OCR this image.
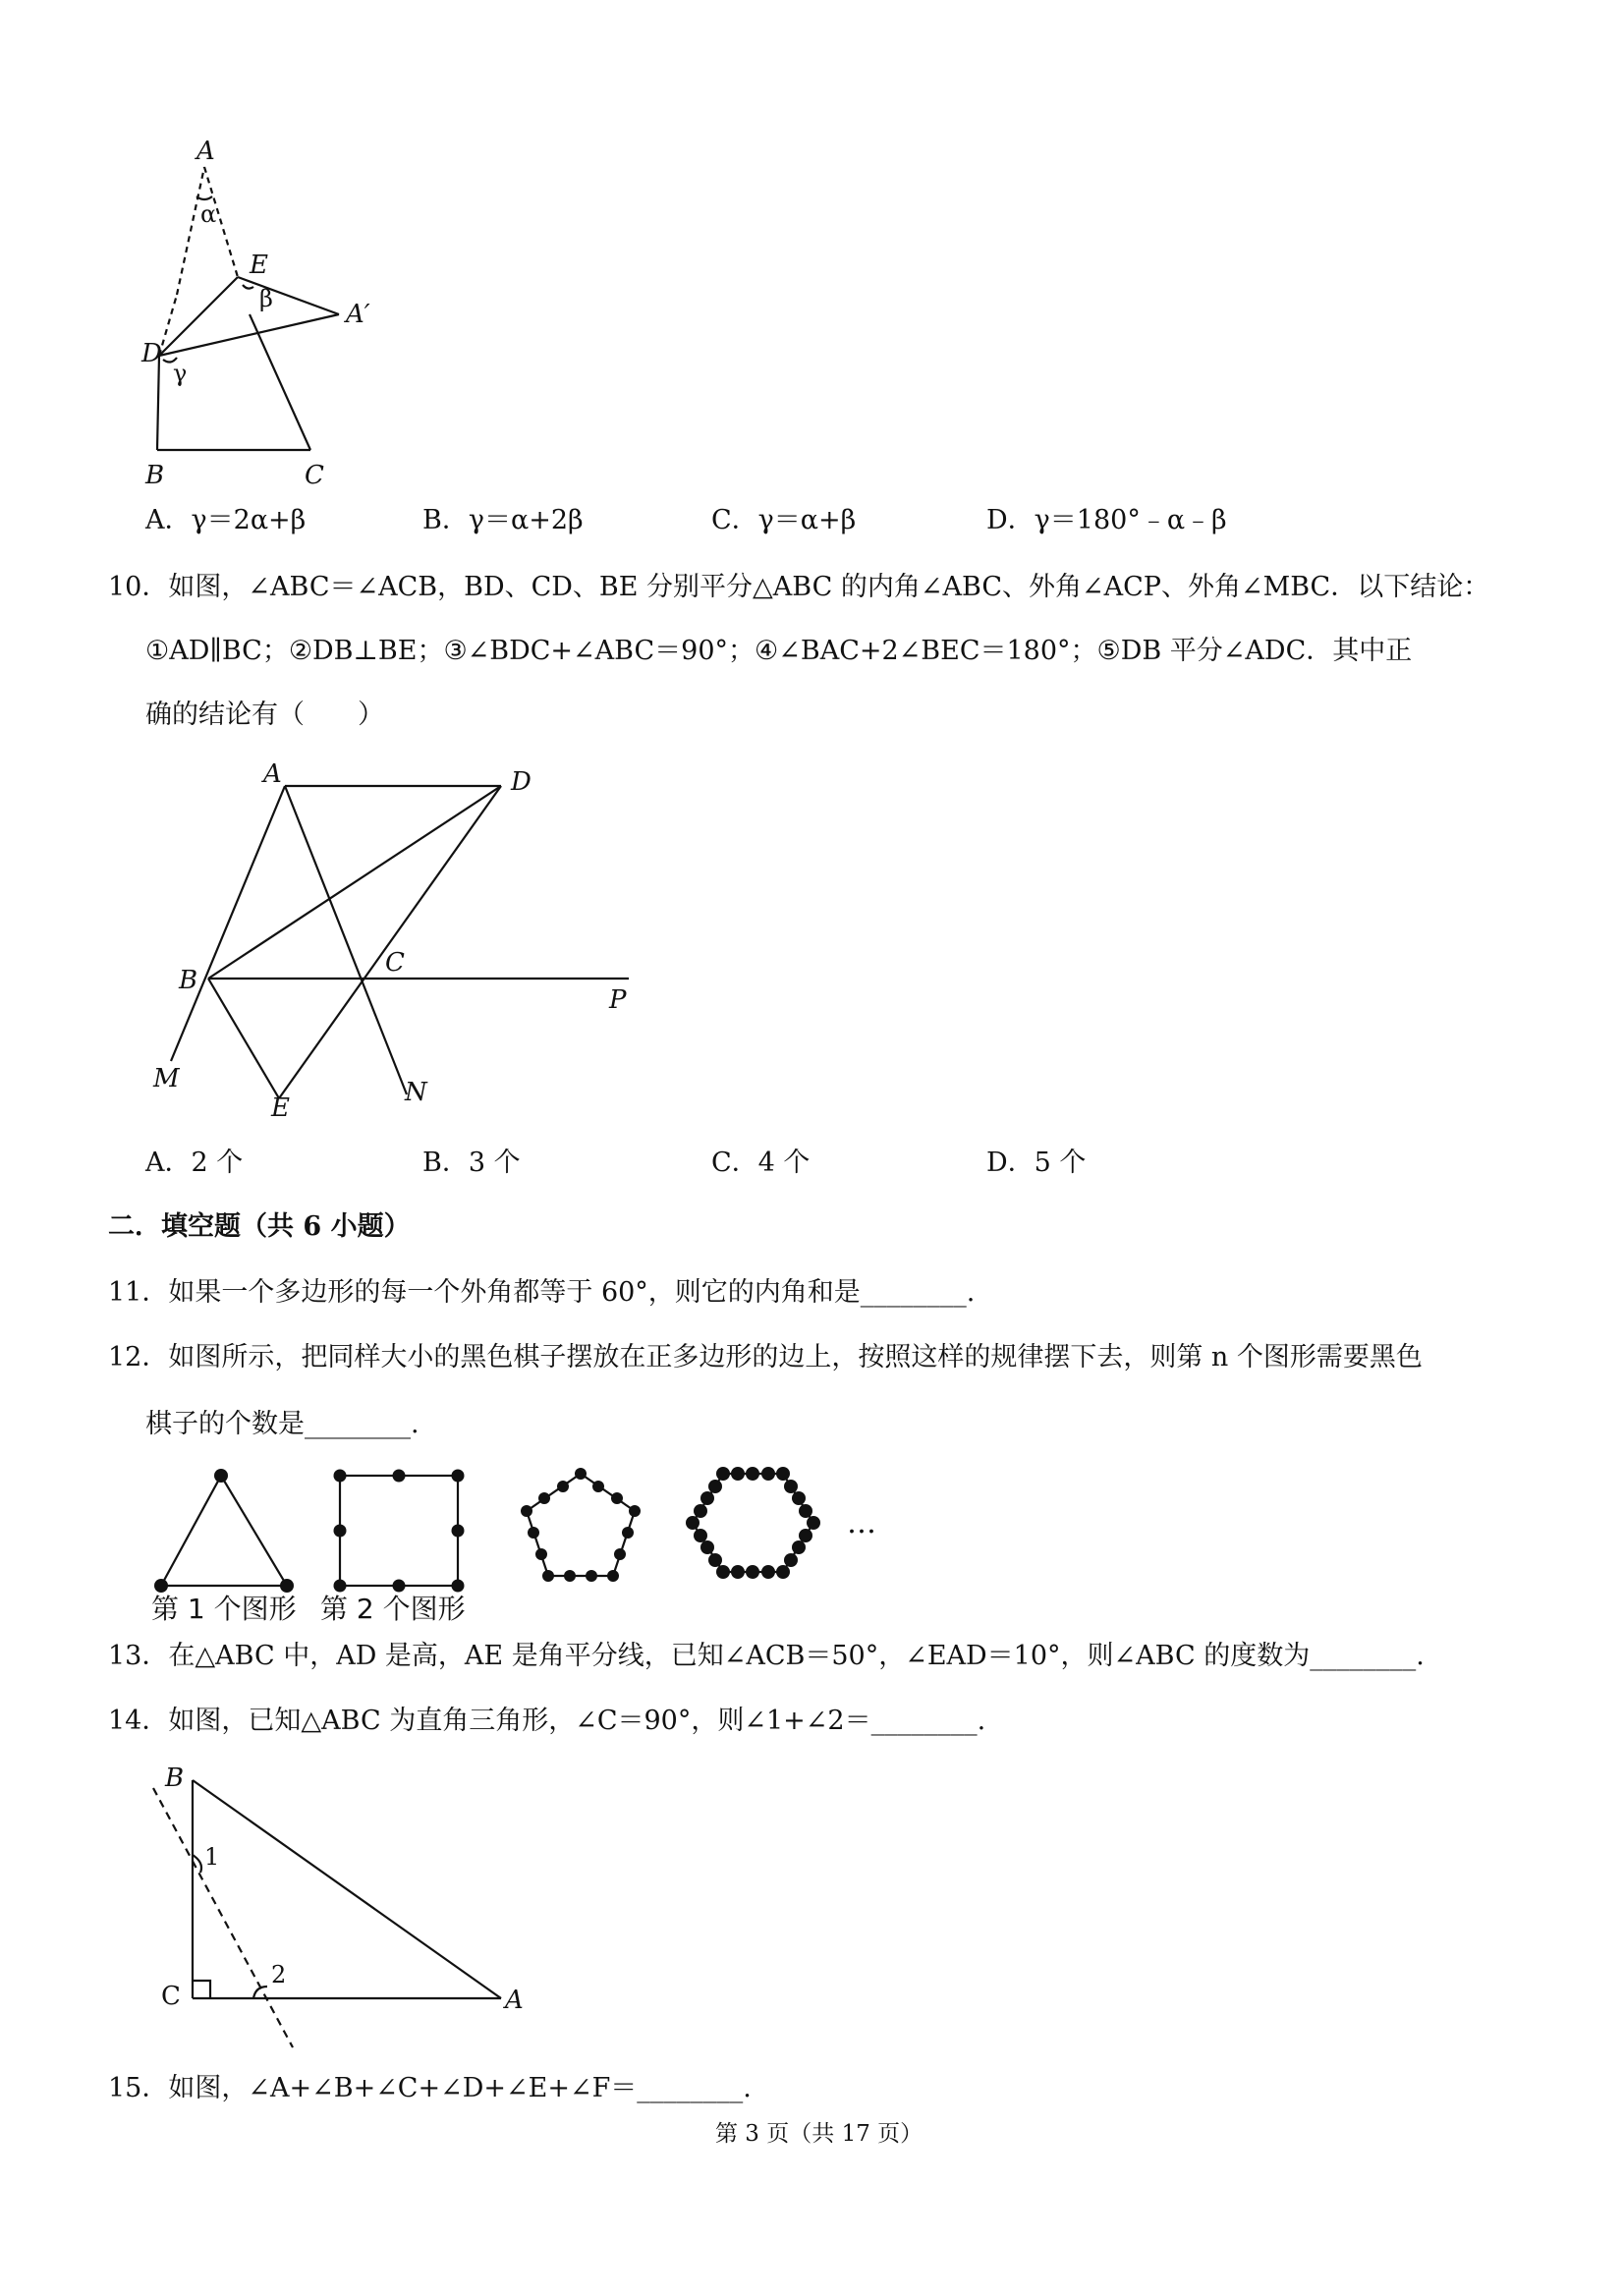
A
α
E
β
A′
D
γ
B	C
A．γ＝2α+β	B．γ＝α+2β	C．γ＝α+β	D．γ＝180°﹣α﹣β
10．如图，∠ABC＝∠ACB，BD、CD、BE 分别平分△ABC 的内角∠ABC、外角∠ACP、外角∠MBC．以下结论：
①AD∥BC；②DB⊥BE；③∠BDC+∠ABC＝90°；④∠BAC+2∠BEC＝180°；⑤DB 平分∠ADC．其中正
确的结论有（　　）
A	D
B
C
P
M
E
N
A．2 个	B．3 个	C．4 个	D．5 个
二．填空题（共 6 小题）
11．如果一个多边形的每一个外角都等于 60°，则它的内角和是________.
12．如图所示，把同样大小的黑色棋子摆放在正多边形的边上，按照这样的规律摆下去，则第 n 个图形需要黑色
棋子的个数是________.
…
第 1 个图形 第 2 个图形
13．在△ABC 中，AD 是高，AE 是角平分线，已知∠ACB＝50°，∠EAD＝10°，则∠ABC 的度数为________.
14．如图，已知△ABC 为直角三角形，∠C＝90°，则∠1+∠2＝________.
B
1
C
2
A
15．如图，∠A+∠B+∠C+∠D+∠E+∠F＝________.
第 3 页（共 17 页）
